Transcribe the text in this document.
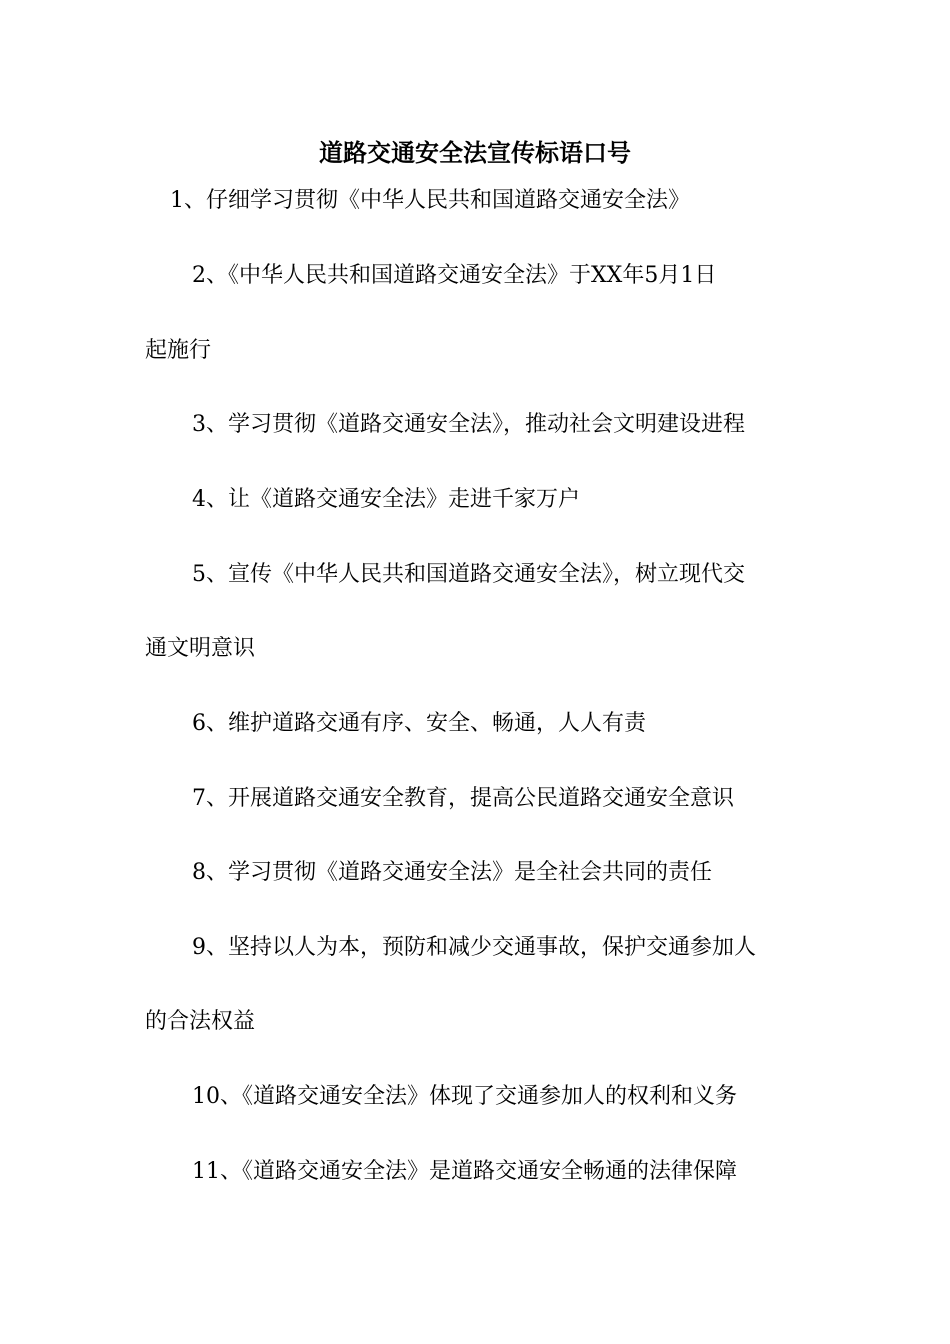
道路交通安全法宣传标语口号

1、仔细学习贯彻《中华人民共和国道路交通安全法》

2、《中华人民共和国道路交通安全法》于XX年5月1日

起施行

3、学习贯彻《道路交通安全法》，推动社会文明建设进程

4、让《道路交通安全法》走进千家万户

5、宣传《中华人民共和国道路交通安全法》，树立现代交

通文明意识

6、维护道路交通有序、安全、畅通，人人有责

7、开展道路交通安全教育，提高公民道路交通安全意识

8、学习贯彻《道路交通安全法》是全社会共同的责任

9、坚持以人为本，预防和减少交通事故，保护交通参加人

的合法权益

10、《道路交通安全法》体现了交通参加人的权利和义务

11、《道路交通安全法》是道路交通安全畅通的法律保障
